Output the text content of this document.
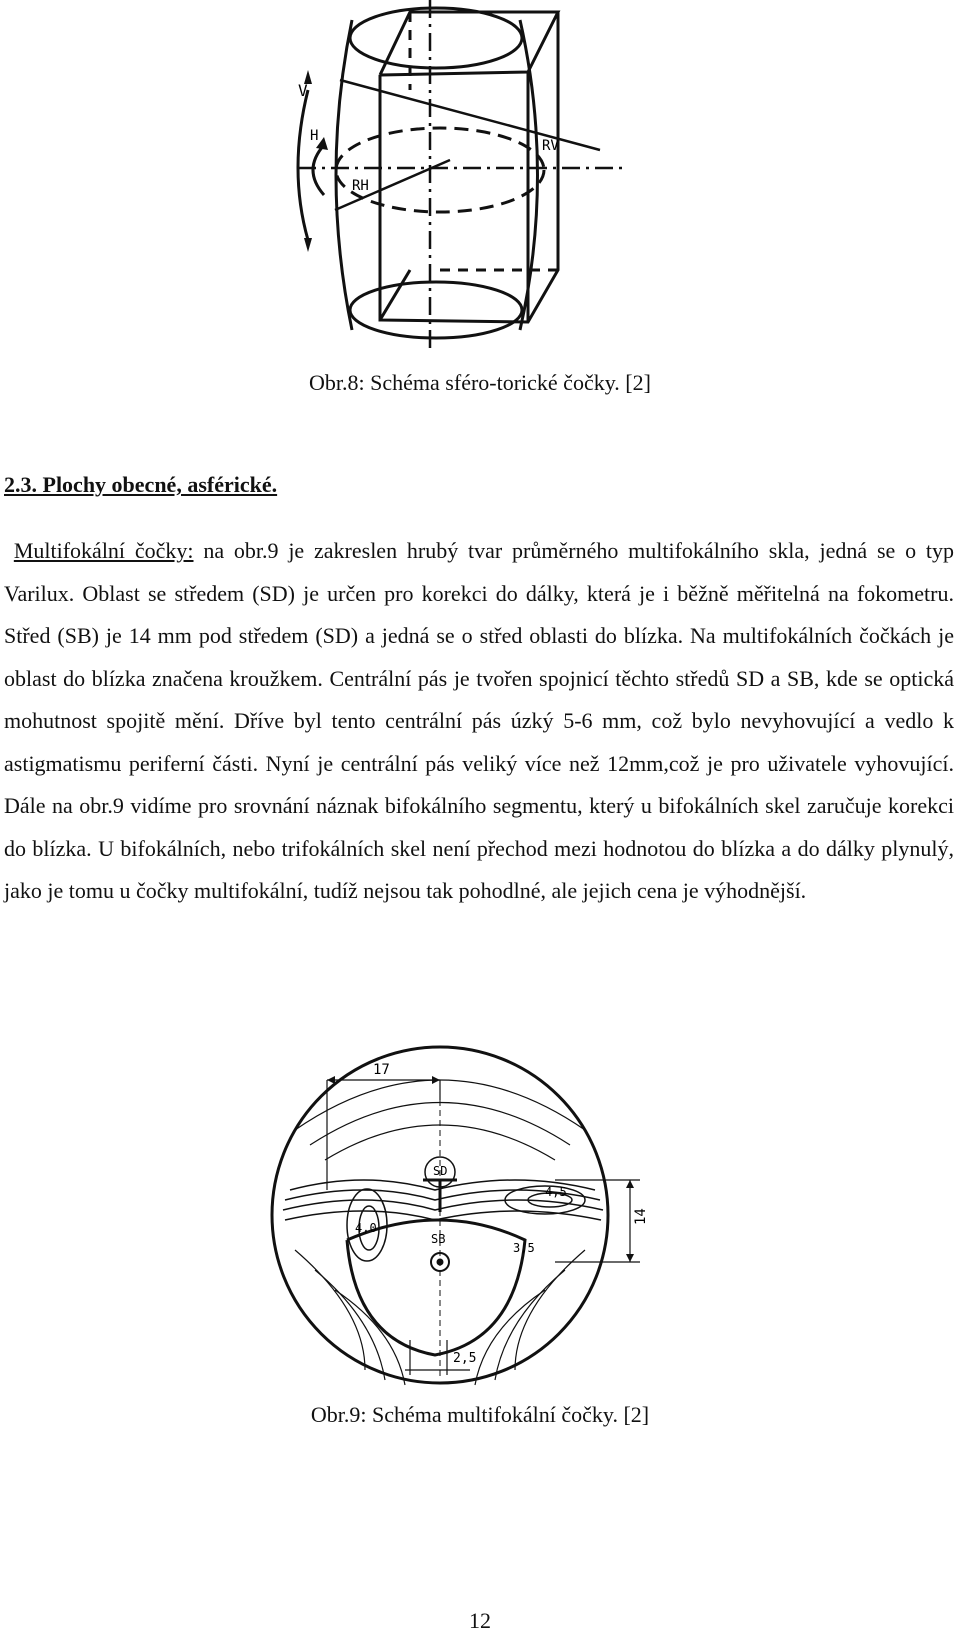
V
H
RH
RV
Obr.8: Schéma sféro-torické čočky. [2]
2.3. Plochy obecné, asférické.

Multifokální čočky: na obr.9 je zakreslen hrubý tvar průměrného multifokálního skla, jedná se o typ Varilux. Oblast se středem (SD) je určen pro korekci do dálky, která je i běžně měřitelná na fokometru. Střed (SB) je 14 mm pod středem (SD) a jedná se o střed oblasti do blízka. Na multifokálních čočkách je oblast do blízka značena kroužkem. Centrální pás je tvořen spojnicí těchto středů SD a SB, kde se optická mohutnost spojitě mění. Dříve byl tento centrální pás úzký 5-6 mm, což bylo nevyhovující a vedlo k astigmatismu periferní části. Nyní je centrální pás veliký více než 12mm,což je pro uživatele vyhovující. Dále na obr.9 vidíme pro srovnání náznak bifokálního segmentu, který u bifokálních skel zaručuje korekci do blízka. U bifokálních, nebo trifokálních skel není přechod mezi hodnotou do blízka a do dálky plynulý, jako je tomu u čočky multifokální, tudíž nejsou tak pohodlné, ale jejich cena je výhodnější.

17
SD
SB
4,5
4,0
3,5
14
2,5
Obr.9: Schéma multifokální čočky. [2]
12
